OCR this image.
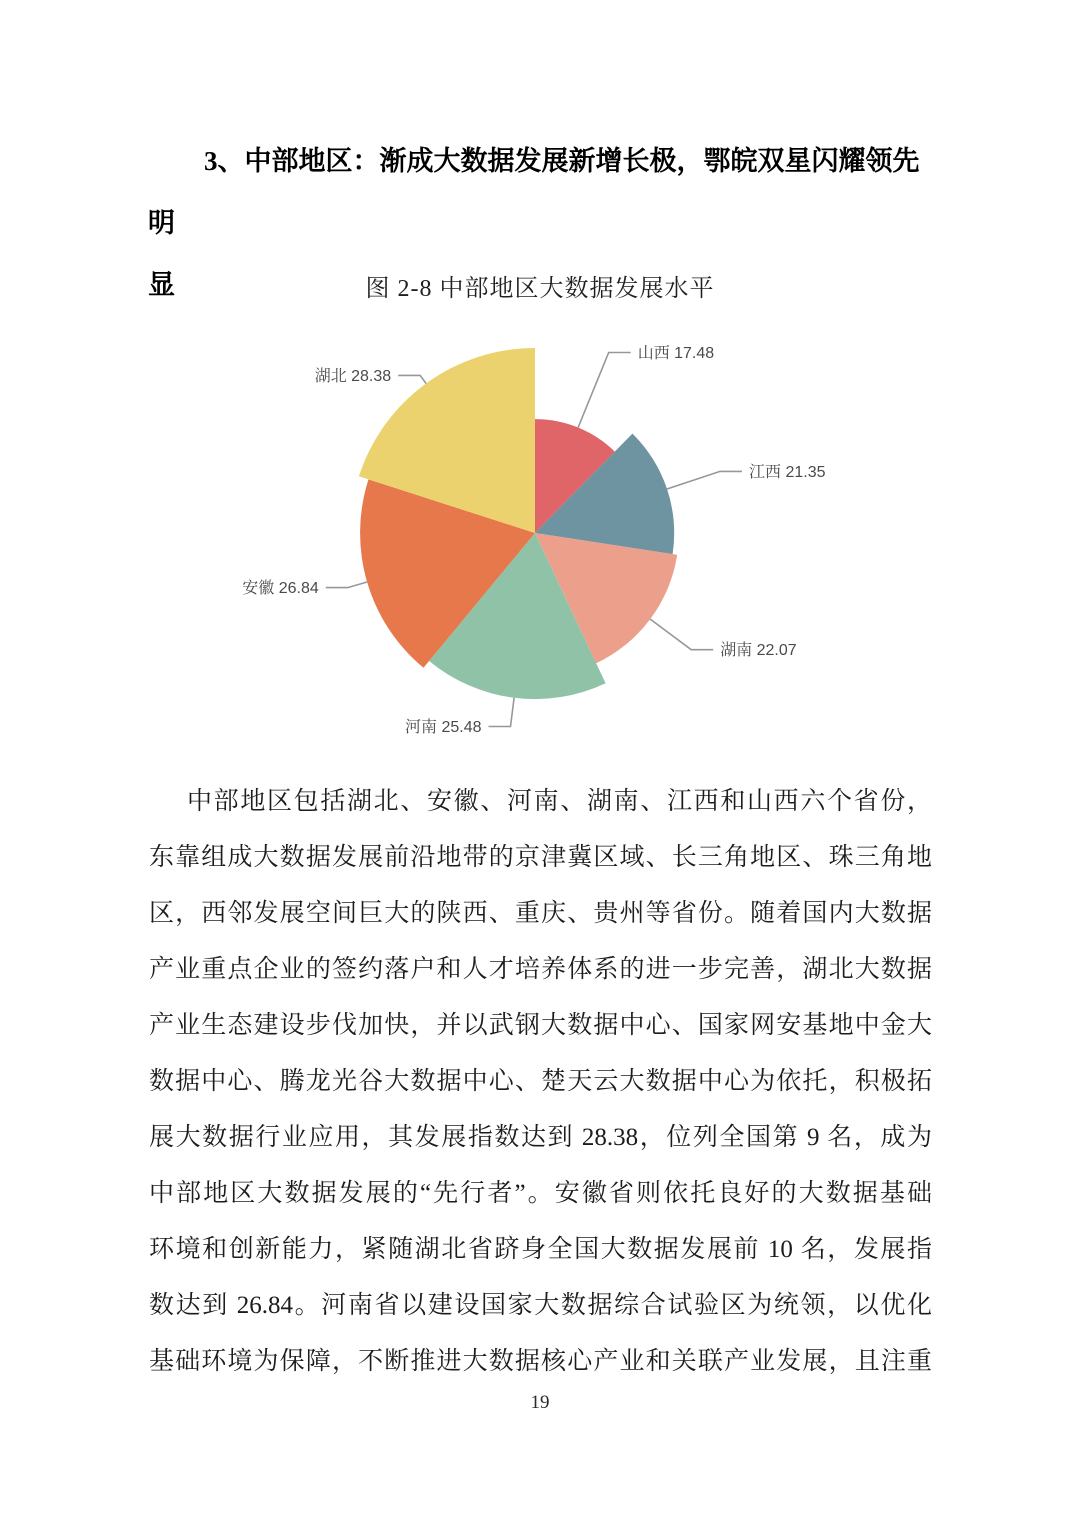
3、中部地区：渐成大数据发展新增长极，鄂皖双星闪耀领先明
显	图 2-8 中部地区大数据发展水平
山西 17.48
江西 21.35
湖南 22.07
河南 25.48
安徽 26.84
湖北 28.38
中部地区包括湖北、安徽、河南、湖南、江西和山西六个省份，
东靠组成大数据发展前沿地带的京津冀区域、长三角地区、珠三角地
区，西邻发展空间巨大的陕西、重庆、贵州等省份。随着国内大数据
产业重点企业的签约落户和人才培养体系的进一步完善，湖北大数据
产业生态建设步伐加快，并以武钢大数据中心、国家网安基地中金大
数据中心、腾龙光谷大数据中心、楚天云大数据中心为依托，积极拓
展大数据行业应用，其发展指数达到 28.38，位列全国第 9 名，成为
中部地区大数据发展的“先行者”。安徽省则依托良好的大数据基础
环境和创新能力，紧随湖北省跻身全国大数据发展前 10 名，发展指
数达到 26.84。河南省以建设国家大数据综合试验区为统领，以优化
基础环境为保障，不断推进大数据核心产业和关联产业发展，且注重
19
